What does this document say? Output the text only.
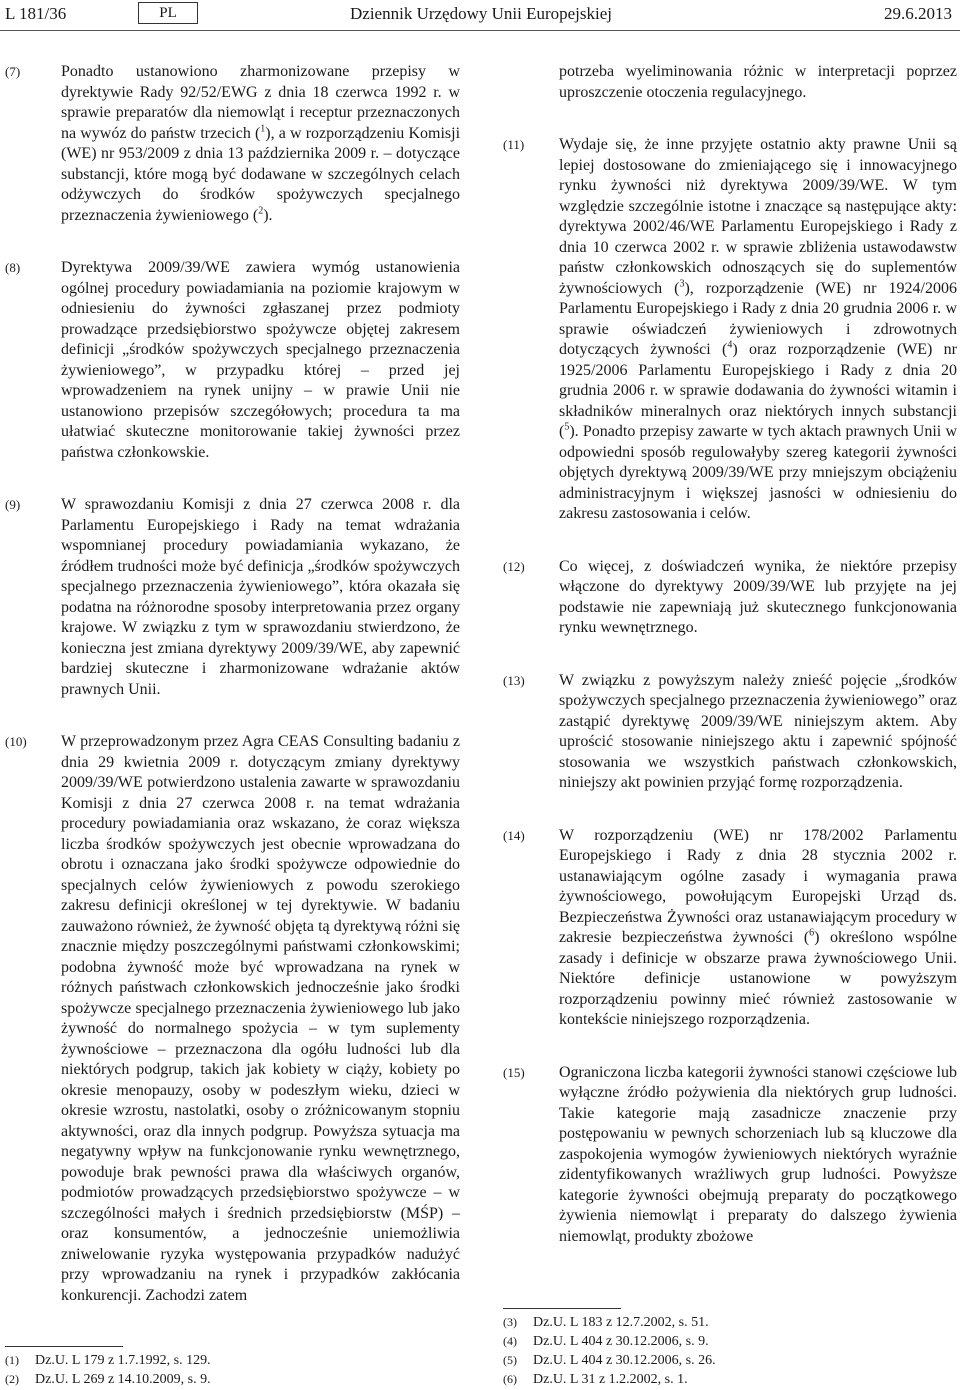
L 181/36	PL	Dziennik Urzędowy Unii Europejskiej	29.6.2013
(7)	Ponadto ustanowiono zharmonizowane przepisy w dyrektywie Rady 92/52/EWG z dnia 18 czerwca 1992 r. w sprawie preparatów dla niemowląt i receptur przeznaczonych na wywóz do państw trzecich ($^1$), a w rozporządzeniu Komisji (WE) nr 953/2009 z dnia 13 października 2009 r. – dotyczące substancji, które mogą być dodawane w szczególnych celach odżywczych do środków spożywczych specjalnego przeznaczenia żywieniowego ($^2$).
(8)	Dyrektywa 2009/39/WE zawiera wymóg ustanowienia ogólnej procedury powiadamiania na poziomie krajowym w odniesieniu do żywności zgłaszanej przez podmioty prowadzące przedsiębiorstwo spożywcze objętej zakresem definicji „środków spożywczych specjalnego przeznaczenia żywieniowego”, w przypadku której – przed jej wprowadzeniem na rynek unijny – w prawie Unii nie ustanowiono przepisów szczegółowych; procedura ta ma ułatwiać skuteczne monitorowanie takiej żywności przez państwa członkowskie.
(9)	W sprawozdaniu Komisji z dnia 27 czerwca 2008 r. dla Parlamentu Europejskiego i Rady na temat wdrażania wspomnianej procedury powiadamiania wykazano, że źródłem trudności może być definicja „środków spożywczych specjalnego przeznaczenia żywieniowego”, która okazała się podatna na różnorodne sposoby interpretowania przez organy krajowe. W związku z tym w sprawozdaniu stwierdzono, że konieczna jest zmiana dyrektywy 2009/39/WE, aby zapewnić bardziej skuteczne i zharmonizowane wdrażanie aktów prawnych Unii.
(10) W przeprowadzonym przez Agra CEAS Consulting badaniu z dnia 29 kwietnia 2009 r. dotyczącym zmiany dyrektywy 2009/39/WE potwierdzono ustalenia zawarte w sprawozdaniu Komisji z dnia 27 czerwca 2008 r. na temat wdrażania procedury powiadamiania oraz wskazano, że coraz większa liczba środków spożywczych jest obecnie wprowadzana do obrotu i oznaczana jako środki spożywcze odpowiednie do specjalnych celów żywieniowych z powodu szerokiego zakresu definicji określonej w tej dyrektywie. W badaniu zauważono również, że żywność objęta tą dyrektywą różni się znacznie między poszczególnymi państwami członkowskimi; podobna żywność może być wprowadzana na rynek w różnych państwach członkowskich jednocześnie jako środki spożywcze specjalnego przeznaczenia żywieniowego lub jako żywność do normalnego spożycia – w tym suplementy żywnościowe – przeznaczona dla ogółu ludności lub dla niektórych podgrup, takich jak kobiety w ciąży, kobiety po okresie menopauzy, osoby w podeszłym wieku, dzieci w okresie wzrostu, nastolatki, osoby o zróżnicowanym stopniu aktywności, oraz dla innych podgrup. Powyższa sytuacja ma negatywny wpływ na funkcjonowanie rynku wewnętrznego, powoduje brak pewności prawa dla właściwych organów, podmiotów prowadzących przedsiębiorstwo spożywcze – w szczególności małych i średnich przedsiębiorstw (MŚP) – oraz konsumentów, a jednocześnie uniemożliwia zniwelowanie ryzyka występowania przypadków nadużyć przy wprowadzaniu na rynek i przypadków zakłócania konkurencji. Zachodzi zatem
potrzeba wyeliminowania różnic w interpretacji poprzez uproszczenie otoczenia regulacyjnego.
(11) Wydaje się, że inne przyjęte ostatnio akty prawne Unii są lepiej dostosowane do zmieniającego się i innowacyjnego rynku żywności niż dyrektywa 2009/39/WE. W tym względzie szczególnie istotne i znaczące są następujące akty: dyrektywa 2002/46/WE Parlamentu Europejskiego i Rady z dnia 10 czerwca 2002 r. w sprawie zbliżenia ustawodawstw państw członkowskich odnoszących się do suplementów żywnościowych ($^3$), rozporządzenie (WE) nr 1924/2006 Parlamentu Europejskiego i Rady z dnia 20 grudnia 2006 r. w sprawie oświadczeń żywieniowych i zdrowotnych dotyczących żywności ($^4$) oraz rozporządzenie (WE) nr 1925/2006 Parlamentu Europejskiego i Rady z dnia 20 grudnia 2006 r. w sprawie dodawania do żywności witamin i składników mineralnych oraz niektórych innych substancji ($^5$). Ponadto przepisy zawarte w tych aktach prawnych Unii w odpowiedni sposób regulowałyby szereg kategorii żywności objętych dyrektywą 2009/39/WE przy mniejszym obciążeniu administracyjnym i większej jasności w odniesieniu do zakresu zastosowania i celów.
(12) Co więcej, z doświadczeń wynika, że niektóre przepisy włączone do dyrektywy 2009/39/WE lub przyjęte na jej podstawie nie zapewniają już skutecznego funkcjonowania rynku wewnętrznego.
(13) W związku z powyższym należy znieść pojęcie „środków spożywczych specjalnego przeznaczenia żywieniowego” oraz zastąpić dyrektywę 2009/39/WE niniejszym aktem. Aby uprościć stosowanie niniejszego aktu i zapewnić spójność stosowania we wszystkich państwach członkowskich, niniejszy akt powinien przyjąć formę rozporządzenia.
(14) W rozporządzeniu (WE) nr 178/2002 Parlamentu Europejskiego i Rady z dnia 28 stycznia 2002 r. ustanawiającym ogólne zasady i wymagania prawa żywnościowego, powołującym Europejski Urząd ds. Bezpieczeństwa Żywności oraz ustanawiającym procedury w zakresie bezpieczeństwa żywności ($^6$) określono wspólne zasady i definicje w obszarze prawa żywnościowego Unii. Niektóre definicje ustanowione w powyższym rozporządzeniu powinny mieć również zastosowanie w kontekście niniejszego rozporządzenia.
(15) Ograniczona liczba kategorii żywności stanowi częściowe lub wyłączne źródło pożywienia dla niektórych grup ludności. Takie kategorie mają zasadnicze znaczenie przy postępowaniu w pewnych schorzeniach lub są kluczowe dla zaspokojenia wymogów żywieniowych niektórych wyraźnie zidentyfikowanych wrażliwych grup ludności. Powyższe kategorie żywności obejmują preparaty do początkowego żywienia niemowląt i preparaty do dalszego żywienia niemowląt, produkty zbożowe
(1) Dz.U. L 179 z 1.7.1992, s. 129.
(2) Dz.U. L 269 z 14.10.2009, s. 9.
(3) Dz.U. L 183 z 12.7.2002, s. 51.
(4) Dz.U. L 404 z 30.12.2006, s. 9.
(5) Dz.U. L 404 z 30.12.2006, s. 26.
(6) Dz.U. L 31 z 1.2.2002, s. 1.
